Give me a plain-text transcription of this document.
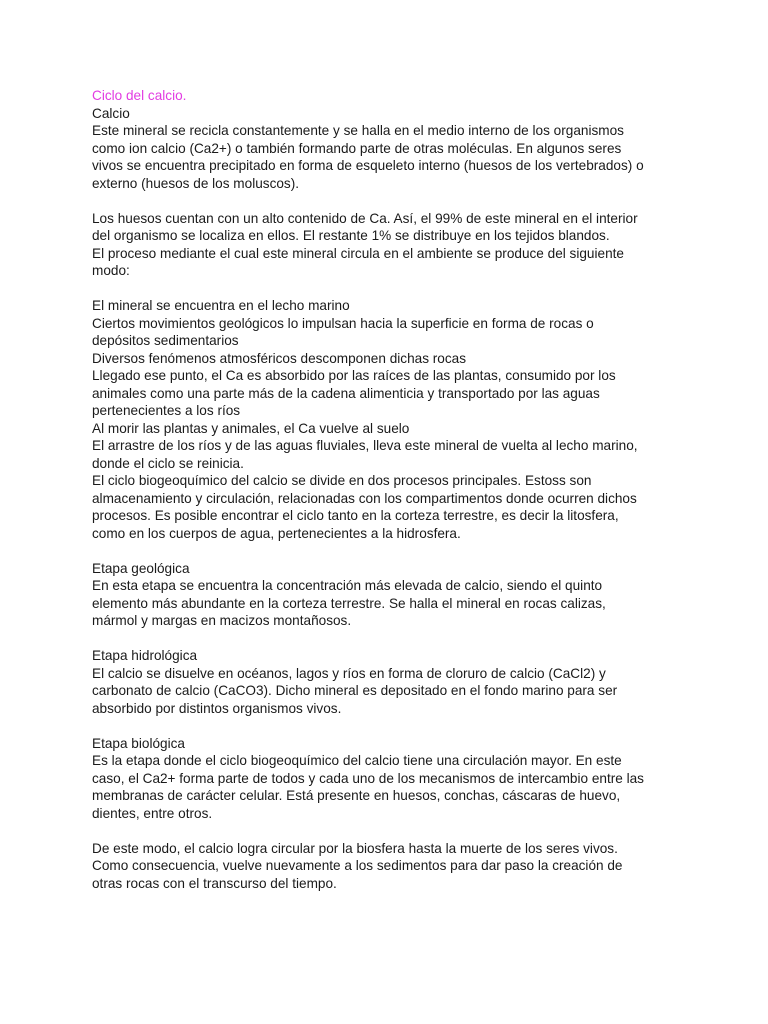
Ciclo del calcio.
Calcio
Este mineral se recicla constantemente y se halla en el medio interno de los organismos
como ion calcio (Ca2+) o también formando parte de otras moléculas. En algunos seres
vivos se encuentra precipitado en forma de esqueleto interno (huesos de los vertebrados) o
externo (huesos de los moluscos).
Los huesos cuentan con un alto contenido de Ca. Así, el 99% de este mineral en el interior
del organismo se localiza en ellos. El restante 1% se distribuye en los tejidos blandos.
El proceso mediante el cual este mineral circula en el ambiente se produce del siguiente
modo:
El mineral se encuentra en el lecho marino
Ciertos movimientos geológicos lo impulsan hacia la superficie en forma de rocas o
depósitos sedimentarios
Diversos fenómenos atmosféricos descomponen dichas rocas
Llegado ese punto, el Ca es absorbido por las raíces de las plantas, consumido por los
animales como una parte más de la cadena alimenticia y transportado por las aguas
pertenecientes a los ríos
Al morir las plantas y animales, el Ca vuelve al suelo
El arrastre de los ríos y de las aguas fluviales, lleva este mineral de vuelta al lecho marino,
donde el ciclo se reinicia.
El ciclo biogeoquímico del calcio se divide en dos procesos principales. Estoss son
almacenamiento y circulación, relacionadas con los compartimentos donde ocurren dichos
procesos. Es posible encontrar el ciclo tanto en la corteza terrestre, es decir la litosfera,
como en los cuerpos de agua, pertenecientes a la hidrosfera.
Etapa geológica
En esta etapa se encuentra la concentración más elevada de calcio, siendo el quinto
elemento más abundante en la corteza terrestre. Se halla el mineral en rocas calizas,
mármol y margas en macizos montañosos.
Etapa hidrológica
El calcio se disuelve en océanos, lagos y ríos en forma de cloruro de calcio (CaCl2) y
carbonato de calcio (CaCO3). Dicho mineral es depositado en el fondo marino para ser
absorbido por distintos organismos vivos.
Etapa biológica
Es la etapa donde el ciclo biogeoquímico del calcio tiene una circulación mayor. En este
caso, el Ca2+ forma parte de todos y cada uno de los mecanismos de intercambio entre las
membranas de carácter celular. Está presente en huesos, conchas, cáscaras de huevo,
dientes, entre otros.
De este modo, el calcio logra circular por la biosfera hasta la muerte de los seres vivos.
Como consecuencia, vuelve nuevamente a los sedimentos para dar paso la creación de
otras rocas con el transcurso del tiempo.
